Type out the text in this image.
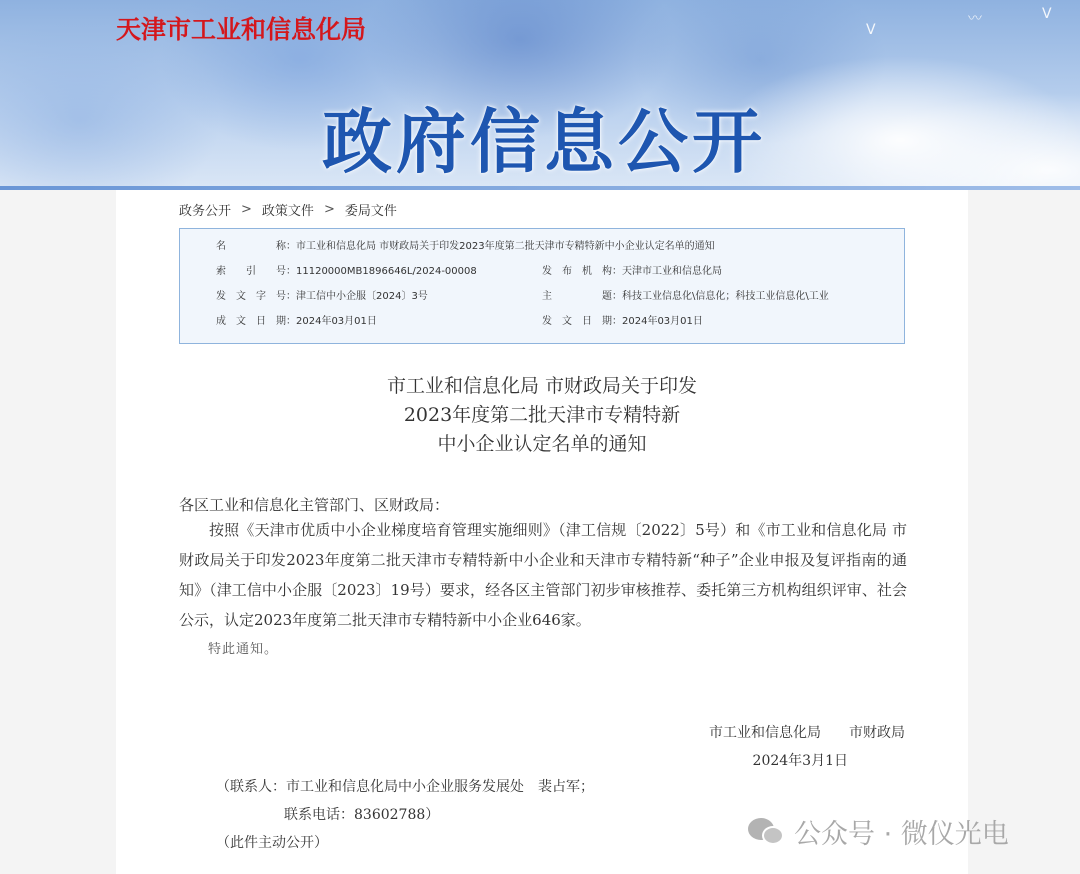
天津市工业和信息化局
政府信息公开
〰	ᐯ
ᐯ
政务公开 > 政策文件 > 委局文件
名 称 ： 市工业和信息化局 市财政局关于印发2023年度第二批天津市专精特新中小企业认定名单的通知
索 引 号 ： 11120000MB1896646L/2024-00008	发 布 机 构 ： 天津市工业和信息化局
发 文 字 号 ： 津工信中小企服〔2024〕3号	主 题 ： 科技工业信息化\信息化；科技工业信息化\工业
成 文 日 期 ： 2024年03月01日	发 文 日 期 ： 2024年03月01日
市工业和信息化局 市财政局关于印发
2023年度第二批天津市专精特新
中小企业认定名单的通知
各区工业和信息化主管部门、区财政局：
按照《天津市优质中小企业梯度培育管理实施细则》（津工信规〔2022〕5号）和《市工业和信息化局 市财政局关于印发2023年度第二批天津市专精特新中小企业和天津市专精特新“种子”企业申报及复评指南的通知》（津工信中小企服〔2023〕19号）要求，经各区主管部门初步审核推荐、委托第三方机构组织评审、社会公示，认定2023年度第二批天津市专精特新中小企业646家。
特此通知。
市工业和信息化局　　市财政局
2024年3月1日
（联系人：市工业和信息化局中小企业服务发展处　裴占军；
联系电话：83602788）
（此件主动公开）	公众号 · 微仪光电
